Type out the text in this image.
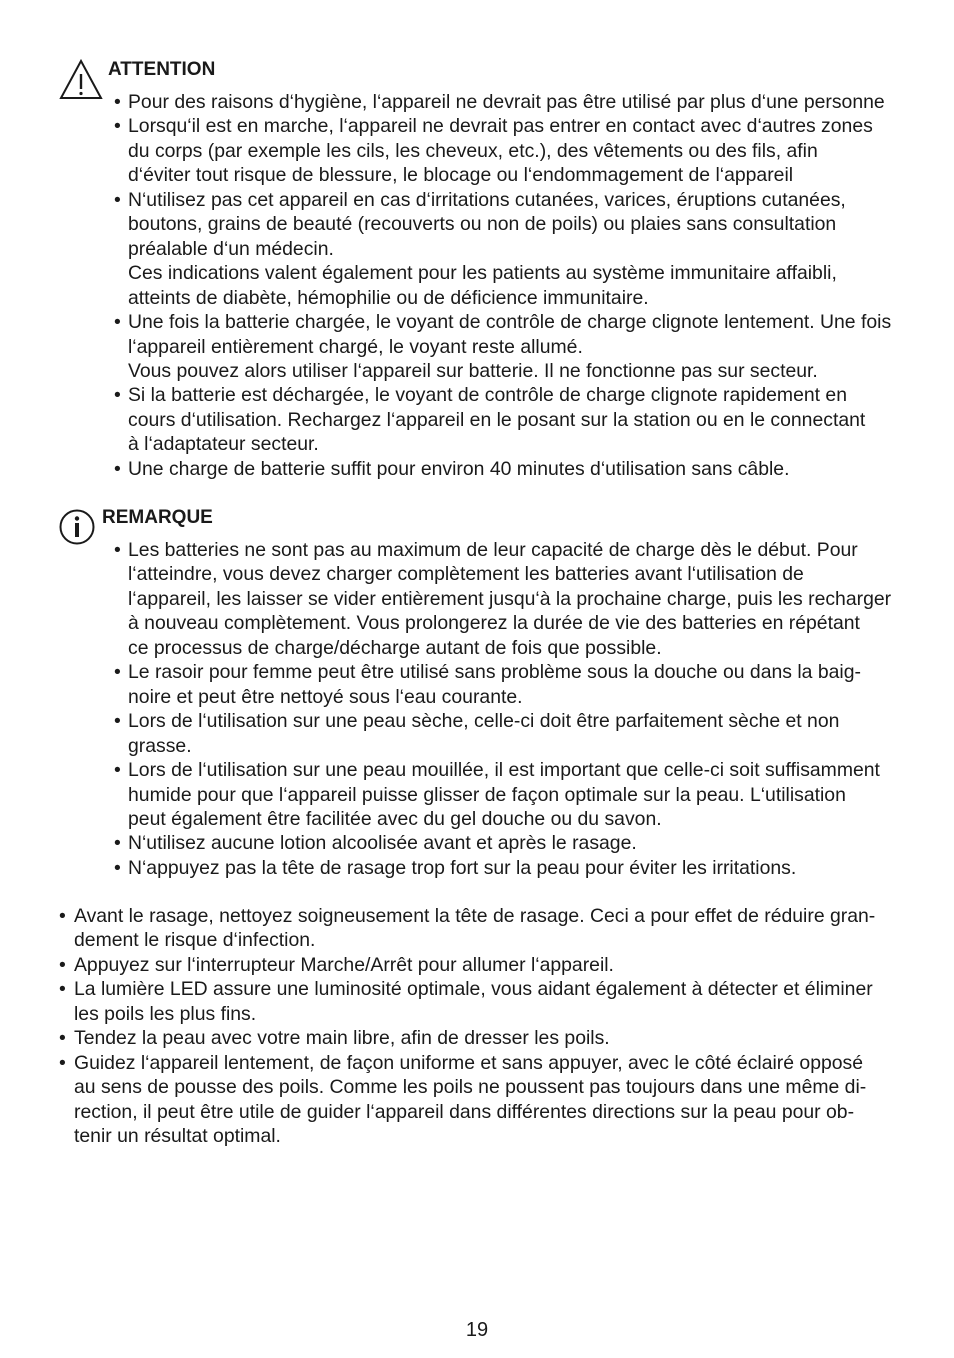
ATTENTION
• Pour des raisons d‘hygiène, l‘appareil ne devrait pas être utilisé par plus d‘une personne
• Lorsqu‘il est en marche, l‘appareil ne devrait pas entrer en contact avec d‘autres zones
du corps (par exemple les cils, les cheveux, etc.), des vêtements ou des fils, afin
d‘éviter tout risque de blessure, le blocage ou l‘endommagement de l‘appareil
• N‘utilisez pas cet appareil en cas d‘irritations cutanées, varices, éruptions cutanées,
boutons, grains de beauté (recouverts ou non de poils) ou plaies sans consultation
préalable d‘un médecin.
Ces indications valent également pour les patients au système immunitaire affaibli,
atteints de diabète, hémophilie ou de déficience immunitaire.
• Une fois la batterie chargée, le voyant de contrôle de charge clignote lentement. Une fois
l‘appareil entièrement chargé, le voyant reste allumé.
Vous pouvez alors utiliser l‘appareil sur batterie. Il ne fonctionne pas sur secteur.
• Si la batterie est déchargée, le voyant de contrôle de charge clignote rapidement en
cours d‘utilisation. Rechargez l‘appareil en le posant sur la station ou en le connectant
à l‘adaptateur secteur.
• Une charge de batterie suffit pour environ 40 minutes d‘utilisation sans câble.
REMARQUE
• Les batteries ne sont pas au maximum de leur capacité de charge dès le début. Pour
l‘atteindre, vous devez charger complètement les batteries avant l‘utilisation de
l‘appareil, les laisser se vider entièrement jusqu‘à la prochaine charge, puis les recharger
à nouveau complètement. Vous prolongerez la durée de vie des batteries en répétant
ce processus de charge/décharge autant de fois que possible.
• Le rasoir pour femme peut être utilisé sans problème sous la douche ou dans la baig-
noire et peut être nettoyé sous l‘eau courante.
• Lors de l‘utilisation sur une peau sèche, celle-ci doit être parfaitement sèche et non
grasse.
• Lors de l‘utilisation sur une peau mouillée, il est important que celle-ci soit suffisamment
humide pour que l‘appareil puisse glisser de façon optimale sur la peau. L‘utilisation
peut également être facilitée avec du gel douche ou du savon.
• N‘utilisez aucune lotion alcoolisée avant et après le rasage.
• N‘appuyez pas la tête de rasage trop fort sur la peau pour éviter les irritations.
• Avant le rasage, nettoyez soigneusement la tête de rasage. Ceci a pour effet de réduire gran-
dement le risque d‘infection.
• Appuyez sur l‘interrupteur Marche/Arrêt pour allumer l‘appareil.
• La lumière LED assure une luminosité optimale, vous aidant également à détecter et éliminer
les poils les plus fins.
• Tendez la peau avec votre main libre, afin de dresser les poils.
• Guidez l‘appareil lentement, de façon uniforme et sans appuyer, avec le côté éclairé opposé
au sens de pousse des poils. Comme les poils ne poussent pas toujours dans une même di-
rection, il peut être utile de guider l‘appareil dans différentes directions sur la peau pour ob-
tenir un résultat optimal.
19
